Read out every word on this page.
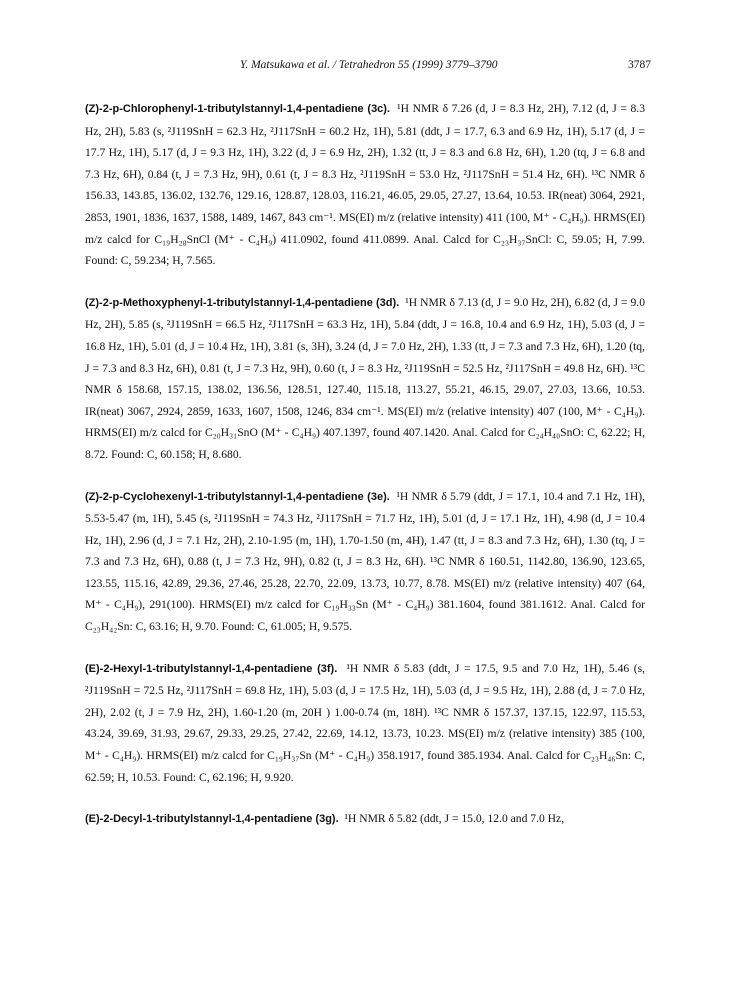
Y. Matsukawa et al. / Tetrahedron 55 (1999) 3779–3790	3787

(Z)-2-p-Chlorophenyl-1-tributylstannyl-1,4-pentadiene (3c). ¹H NMR δ 7.26 (d, J = 8.3 Hz, 2H), 7.12 (d, J = 8.3 Hz, 2H), 5.83 (s, ²J119SnH = 62.3 Hz, ²J117SnH = 60.2 Hz, 1H), 5.81 (ddt, J = 17.7, 6.3 and 6.9 Hz, 1H), 5.17 (d, J = 17.7 Hz, 1H), 5.17 (d, J = 9.3 Hz, 1H), 3.22 (d, J = 6.9 Hz, 2H), 1.32 (tt, J = 8.3 and 6.8 Hz, 6H), 1.20 (tq, J = 6.8 and 7.3 Hz, 6H), 0.84 (t, J = 7.3 Hz, 9H), 0.61 (t, J = 8.3 Hz, ²J119SnH = 53.0 Hz, ²J117SnH = 51.4 Hz, 6H). ¹³C NMR δ 156.33, 143.85, 136.02, 132.76, 129.16, 128.87, 128.03, 116.21, 46.05, 29.05, 27.27, 13.64, 10.53. IR(neat) 3064, 2921, 2853, 1901, 1836, 1637, 1588, 1489, 1467, 843 cm⁻¹. MS(EI) m/z (relative intensity) 411 (100, M⁺ - C₄H₉). HRMS(EI) m/z calcd for C₁₉H₂₈SnCl (M⁺ - C₄H₉) 411.0902, found 411.0899. Anal. Calcd for C₂₃H₃₇SnCl: C, 59.05; H, 7.99. Found: C, 59.234; H, 7.565.

(Z)-2-p-Methoxyphenyl-1-tributylstannyl-1,4-pentadiene (3d). ¹H NMR δ 7.13 (d, J = 9.0 Hz, 2H), 6.82 (d, J = 9.0 Hz, 2H), 5.85 (s, ²J119SnH = 66.5 Hz, ²J117SnH = 63.3 Hz, 1H), 5.84 (ddt, J = 16.8, 10.4 and 6.9 Hz, 1H), 5.03 (d, J = 16.8 Hz, 1H), 5.01 (d, J = 10.4 Hz, 1H), 3.81 (s, 3H), 3.24 (d, J = 7.0 Hz, 2H), 1.33 (tt, J = 7.3 and 7.3 Hz, 6H), 1.20 (tq, J = 7.3 and 8.3 Hz, 6H), 0.81 (t, J = 7.3 Hz, 9H), 0.60 (t, J = 8.3 Hz, ²J119SnH = 52.5 Hz, ²J117SnH = 49.8 Hz, 6H). ¹³C NMR δ 158.68, 157.15, 138.02, 136.56, 128.51, 127.40, 115.18, 113.27, 55.21, 46.15, 29.07, 27.03, 13.66, 10.53. IR(neat) 3067, 2924, 2859, 1633, 1607, 1508, 1246, 834 cm⁻¹. MS(EI) m/z (relative intensity) 407 (100, M⁺ - C₄H₉). HRMS(EI) m/z calcd for C₂₀H₃₁SnO (M⁺ - C₄H₉) 407.1397, found 407.1420. Anal. Calcd for C₂₄H₄₀SnO: C, 62.22; H, 8.72. Found: C, 60.158; H, 8.680.

(Z)-2-p-Cyclohexenyl-1-tributylstannyl-1,4-pentadiene (3e). ¹H NMR δ 5.79 (ddt, J = 17.1, 10.4 and 7.1 Hz, 1H), 5.53-5.47 (m, 1H), 5.45 (s, ²J119SnH = 74.3 Hz, ²J117SnH = 71.7 Hz, 1H), 5.01 (d, J = 17.1 Hz, 1H), 4.98 (d, J = 10.4 Hz, 1H), 2.96 (d, J = 7.1 Hz, 2H), 2.10-1.95 (m, 1H), 1.70-1.50 (m, 4H), 1.47 (tt, J = 8.3 and 7.3 Hz, 6H), 1.30 (tq, J = 7.3 and 7.3 Hz, 6H), 0.88 (t, J = 7.3 Hz, 9H), 0.82 (t, J = 8.3 Hz, 6H). ¹³C NMR δ 160.51, 1142.80, 136.90, 123.65, 123.55, 115.16, 42.89, 29.36, 27.46, 25.28, 22.70, 22.09, 13.73, 10.77, 8.78. MS(EI) m/z (relative intensity) 407 (64, M⁺ - C₄H₉), 291(100). HRMS(EI) m/z calcd for C₁₉H₃₃Sn (M⁺ - C₄H₉) 381.1604, found 381.1612. Anal. Calcd for C₂₃H₄₂Sn: C, 63.16; H, 9.70. Found: C, 61.005; H, 9.575.

(E)-2-Hexyl-1-tributylstannyl-1,4-pentadiene (3f). ¹H NMR δ 5.83 (ddt, J = 17.5, 9.5 and 7.0 Hz, 1H), 5.46 (s, ²J119SnH = 72.5 Hz, ²J117SnH = 69.8 Hz, 1H), 5.03 (d, J = 17.5 Hz, 1H), 5.03 (d, J = 9.5 Hz, 1H), 2.88 (d, J = 7.0 Hz, 2H), 2.02 (t, J = 7.9 Hz, 2H), 1.60-1.20 (m, 20H ) 1.00-0.74 (m, 18H). ¹³C NMR δ 157.37, 137.15, 122.97, 115.53, 43.24, 39.69, 31.93, 29.67, 29.33, 29.25, 27.42, 22.69, 14.12, 13.73, 10.23. MS(EI) m/z (relative intensity) 385 (100, M⁺ - C₄H₉). HRMS(EI) m/z calcd for C₁₉H₃₇Sn (M⁺ - C₄H₉) 358.1917, found 385.1934. Anal. Calcd for C₂₃H₄₆Sn: C, 62.59; H, 10.53. Found: C, 62.196; H, 9.920.

(E)-2-Decyl-1-tributylstannyl-1,4-pentadiene (3g). ¹H NMR δ 5.82 (ddt, J = 15.0, 12.0 and 7.0 Hz,
